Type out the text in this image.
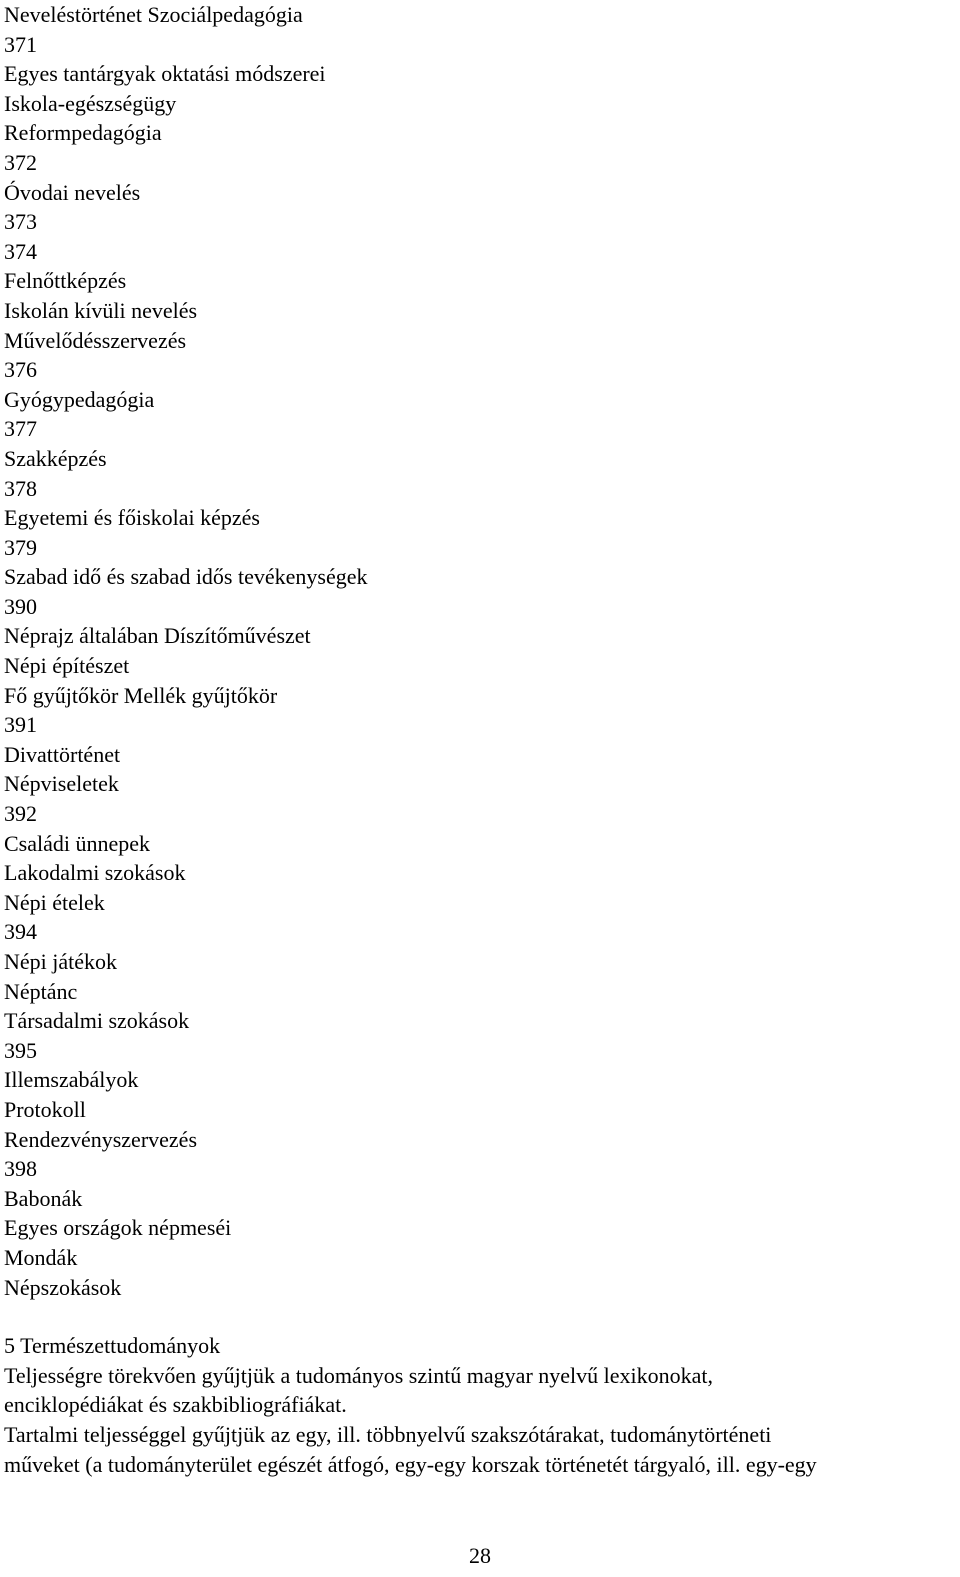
Neveléstörténet Szociálpedagógia
371
Egyes tantárgyak oktatási módszerei
Iskola-egészségügy
Reformpedagógia
372
Óvodai nevelés
373
374
Felnőttképzés
Iskolán kívüli nevelés
Művelődésszervezés
376
Gyógypedagógia
377
Szakképzés
378
Egyetemi és főiskolai képzés
379
Szabad idő és szabad idős tevékenységek
390
Néprajz általában Díszítőművészet
Népi építészet
Fő gyűjtőkör Mellék gyűjtőkör
391
Divattörténet
Népviseletek
392
Családi ünnepek
Lakodalmi szokások
Népi ételek
394
Népi játékok
Néptánc
Társadalmi szokások
395
Illemszabályok
Protokoll
Rendezvényszervezés
398
Babonák
Egyes országok népmeséi
Mondák
Népszokások
5 Természettudományok
Teljességre törekvően gyűjtjük a tudományos szintű magyar nyelvű lexikonokat,
enciklopédiákat és szakbibliográfiákat.
Tartalmi teljességgel gyűjtjük az egy, ill. többnyelvű szakszótárakat, tudománytörténeti
műveket (a tudományterület egészét átfogó, egy-egy korszak történetét tárgyaló, ill. egy-egy
28
